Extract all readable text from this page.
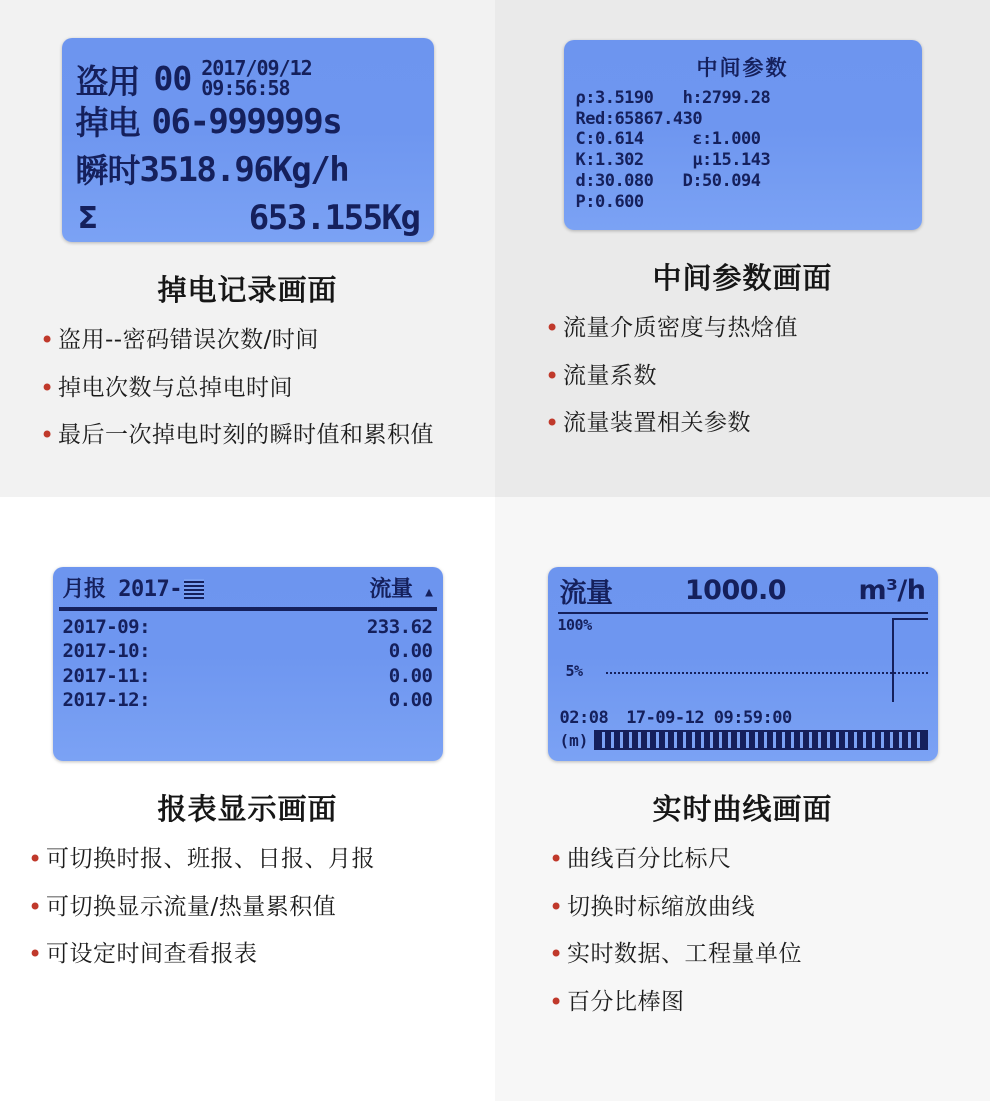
盗用 00 2017/09/12
09:56:58
掉电 06-999999s
瞬时 3518.96Kg/h
Σ	653.155Kg
掉电记录画面
• 盗用--密码错误次数/时间
• 掉电次数与总掉电时间
• 最后一次掉电时刻的瞬时值和累积值
中间参数
ρ:3.5190   h:2799.28
Red:65867.430
C:0.614     ε:1.000
K:1.302     μ:15.143
d:30.080   D:50.094
P:0.600
中间参数画面
• 流量介质密度与热焓值
• 流量系数
• 流量装置相关参数
月报 2017-	流量 ▲
2017-09:	233.62
2017-10:	0.00
2017-11:	0.00
2017-12:	0.00
报表显示画面
• 可切换时报、班报、日报、月报
• 可切换显示流量/热量累积值
• 可设定时间查看报表
流量	1000.0	m³/h
100%
5%
02:08 17-09-12 09:59:00
(m)
实时曲线画面
• 曲线百分比标尺
• 切换时标缩放曲线
• 实时数据、工程量单位
• 百分比棒图
